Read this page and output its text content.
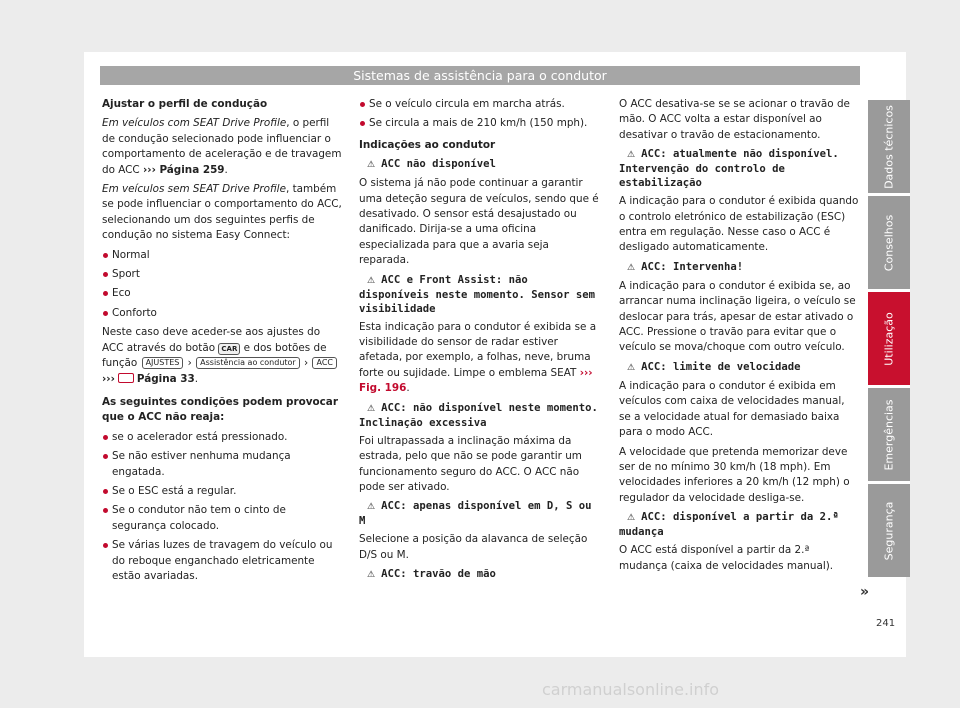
Sistemas de assistência para o condutor

Ajustar o perfil de condução

Em veículos com SEAT Drive Profile, o perfil de condução selecionado pode influenciar o comportamento de aceleração e de travagem do ACC ››› Página 259.

Em veículos sem SEAT Drive Profile, também se pode influenciar o comportamento do ACC, selecionando um dos seguintes perfis de condução no sistema Easy Connect:

Normal
Sport
Eco
Conforto

Neste caso deve aceder-se aos ajustes do ACC através do botão CAR e dos botões de função AJUSTES › Assistência ao condutor › ACC ››› Página 33.

As seguintes condições podem provocar que o ACC não reaja:

se o acelerador está pressionado.
Se não estiver nenhuma mudança engatada.
Se o ESC está a regular.
Se o condutor não tem o cinto de segurança colocado.
Se várias luzes de travagem do veículo ou do reboque enganchado eletricamente estão avariadas.
Se o veículo circula em marcha atrás.
Se circula a mais de 210 km/h (150 mph).

Indicações ao condutor

⚠ ACC não disponível

O sistema já não pode continuar a garantir uma deteção segura de veículos, sendo que é desativado. O sensor está desajustado ou danificado. Dirija-se a uma oficina especializada para que a avaria seja reparada.

⚠ ACC e Front Assist: não disponíveis neste momento. Sensor sem visibilidade

Esta indicação para o condutor é exibida se a visibilidade do sensor de radar estiver afetada, por exemplo, a folhas, neve, bruma forte ou sujidade. Limpe o emblema SEAT ››› Fig. 196.

⚠ ACC: não disponível neste momento. Inclinação excessiva

Foi ultrapassada a inclinação máxima da estrada, pelo que não se pode garantir um funcionamento seguro do ACC. O ACC não pode ser ativado.

⚠ ACC: apenas disponível em D, S ou M

Selecione a posição da alavanca de seleção D/S ou M.

⚠ ACC: travão de mão

O ACC desativa-se se se acionar o travão de mão. O ACC volta a estar disponível ao desativar o travão de estacionamento.

⚠ ACC: atualmente não disponível. Intervenção do controlo de estabilização

A indicação para o condutor é exibida quando o controlo eletrónico de estabilização (ESC) entra em regulação. Nesse caso o ACC é desligado automaticamente.

⚠ ACC: Intervenha!

A indicação para o condutor é exibida se, ao arrancar numa inclinação ligeira, o veículo se deslocar para trás, apesar de estar ativado o ACC. Pressione o travão para evitar que o veículo se mova/choque com outro veículo.

⚠ ACC: limite de velocidade

A indicação para o condutor é exibida em veículos com caixa de velocidades manual, se a velocidade atual for demasiado baixa para o modo ACC.

A velocidade que pretenda memorizar deve ser de no mínimo 30 km/h (18 mph). Em velocidades inferiores a 20 km/h (12 mph) o regulador da velocidade desliga-se.

⚠ ACC: disponível a partir da 2.ª mudança

O ACC está disponível a partir da 2.ª mudança (caixa de velocidades manual).

Dados técnicos
Conselhos
Utilização
Emergências
Segurança
»
241
carmanualsonline.info
